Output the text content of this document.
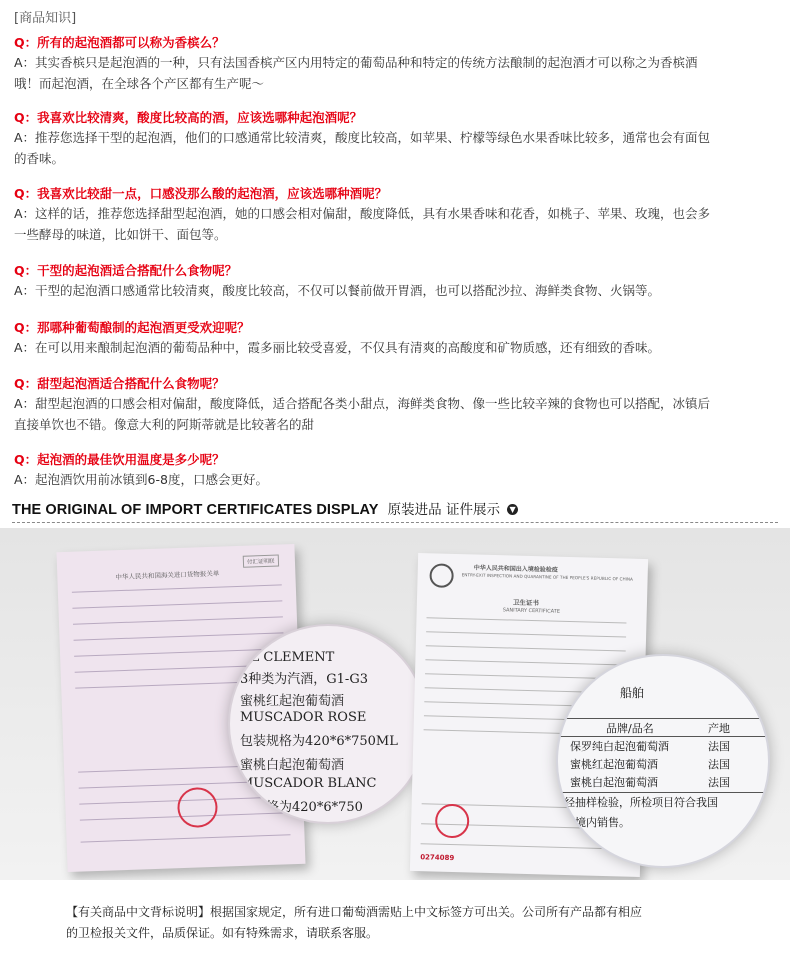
[商品知识]
Q：所有的起泡酒都可以称为香槟么？
A：其实香槟只是起泡酒的一种，只有法国香槟产区内用特定的葡萄品种和特定的传统方法酿制的起泡酒才可以称之为香槟酒
哦！而起泡酒，在全球各个产区都有生产呢～
Q：我喜欢比较清爽，酸度比较高的酒，应该选哪种起泡酒呢？
A：推荐您选择干型的起泡酒，他们的口感通常比较清爽，酸度比较高，如苹果、柠檬等绿色水果香味比较多，通常也会有面包
的香味。
Q：我喜欢比较甜一点，口感没那么酸的起泡酒，应该选哪种酒呢？
A：这样的话，推荐您选择甜型起泡酒，她的口感会相对偏甜，酸度降低，具有水果香味和花香，如桃子、苹果、玫瑰，也会多
一些酵母的味道，比如饼干、面包等。
Q：干型的起泡酒适合搭配什么食物呢？
A：干型的起泡酒口感通常比较清爽，酸度比较高，不仅可以餐前做开胃酒，也可以搭配沙拉、海鲜类食物、火锅等。
Q：那哪种葡萄酿制的起泡酒更受欢迎呢？
A：在可以用来酿制起泡酒的葡萄品种中，霞多丽比较受喜爱，不仅具有清爽的高酸度和矿物质感，还有细致的香味。
Q：甜型起泡酒适合搭配什么食物呢？
A：甜型起泡酒的口感会相对偏甜，酸度降低，适合搭配各类小甜点，海鲜类食物、像一些比较辛辣的食物也可以搭配，冰镇后
直接单饮也不错。像意大利的阿斯蒂就是比较著名的甜
Q：起泡酒的最佳饮用温度是多少呢？
A：起泡酒饮用前冰镇到6-8度，口感会更好。
THE ORIGINAL OF IMPORT CERTIFICATES DISPLAY 原装进品 证件展示 ▼
中华人民共和国海关进口货物报关单
付汇证明联
OL CLEMENT
3种类为汽酒，G1-G3
蜜桃红起泡葡萄酒
MUSCADOR ROSE
包装规格为420*6*750ML
蜜桃白起泡葡萄酒
MUSCADOR BLANC
装规格为420*6*750
中华人民共和国出入境检验检疫
ENTRY-EXIT INSPECTION AND QUARANTINE OF THE PEOPLE'S REPUBLIC OF CHINA
卫生证书
SANITARY CERTIFICATE
0274089
船舶
品牌/品名	产地
保罗纯白起泡葡萄酒	法国
蜜桃红起泡葡萄酒	法国
蜜桃白起泡葡萄酒	法国
经抽样检验，所检项目符合我国
国境内销售。
【有关商品中文背标说明】根据国家规定，所有进口葡萄酒需贴上中文标签方可出关。公司所有产品都有相应
的卫检报关文件，品质保证。如有特殊需求，请联系客服。
